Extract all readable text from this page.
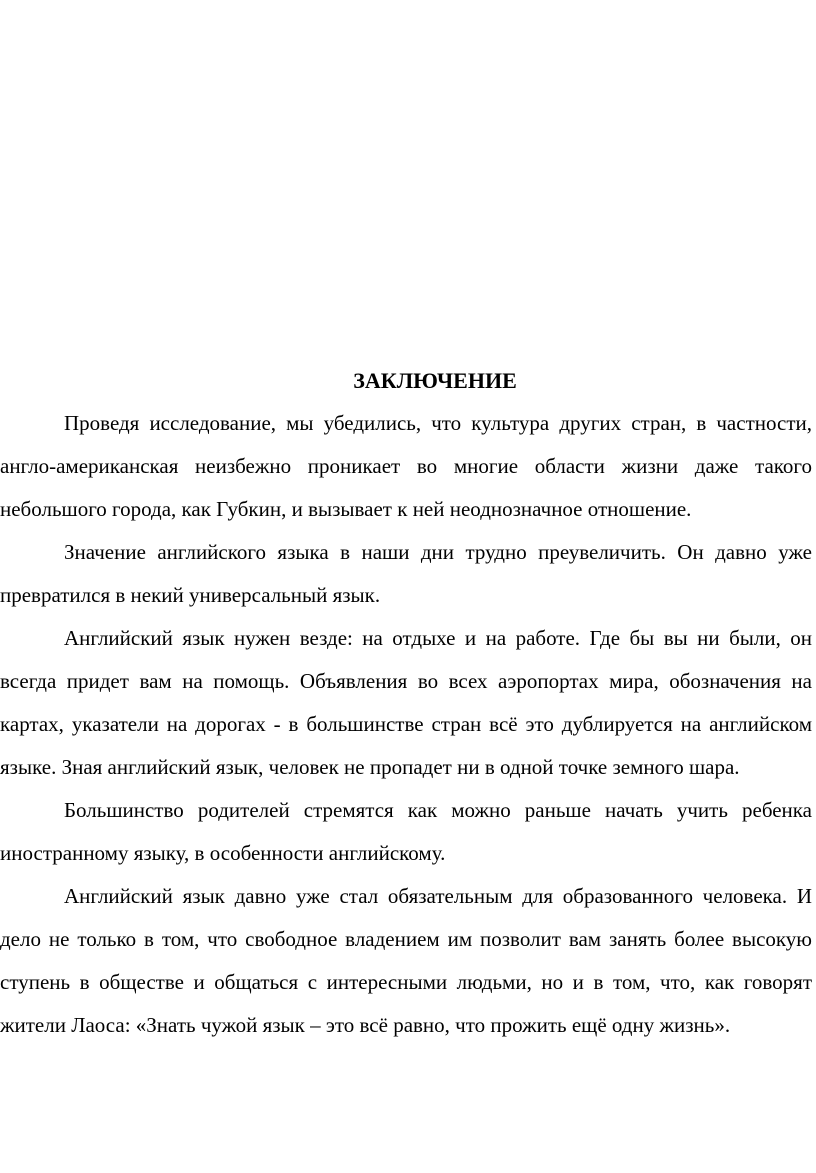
ЗАКЛЮЧЕНИЕ

Проведя исследование, мы убедились, что культура других стран, в частности, англо-американская неизбежно проникает во многие области жизни даже такого небольшого города, как Губкин, и вызывает к ней неоднозначное отношение.

Значение английского языка в наши дни трудно преувеличить. Он давно уже превратился в некий универсальный язык.

Английский язык нужен везде: на отдыхе и на работе. Где бы вы ни были, он всегда придет вам на помощь. Объявления во всех аэропортах мира, обозначения на картах, указатели на дорогах - в большинстве стран всё это дублируется на английском языке. Зная английский язык, человек не пропадет ни в одной точке земного шара.

Большинство родителей стремятся как можно раньше начать учить ребенка иностранному языку, в особенности английскому.

Английский язык давно уже стал обязательным для образованного человека. И дело не только в том, что свободное владением им позволит вам занять более высокую ступень в обществе и общаться с интересными людьми, но и в том, что, как говорят жители Лаоса: «Знать чужой язык – это всё равно, что прожить ещё одну жизнь».
